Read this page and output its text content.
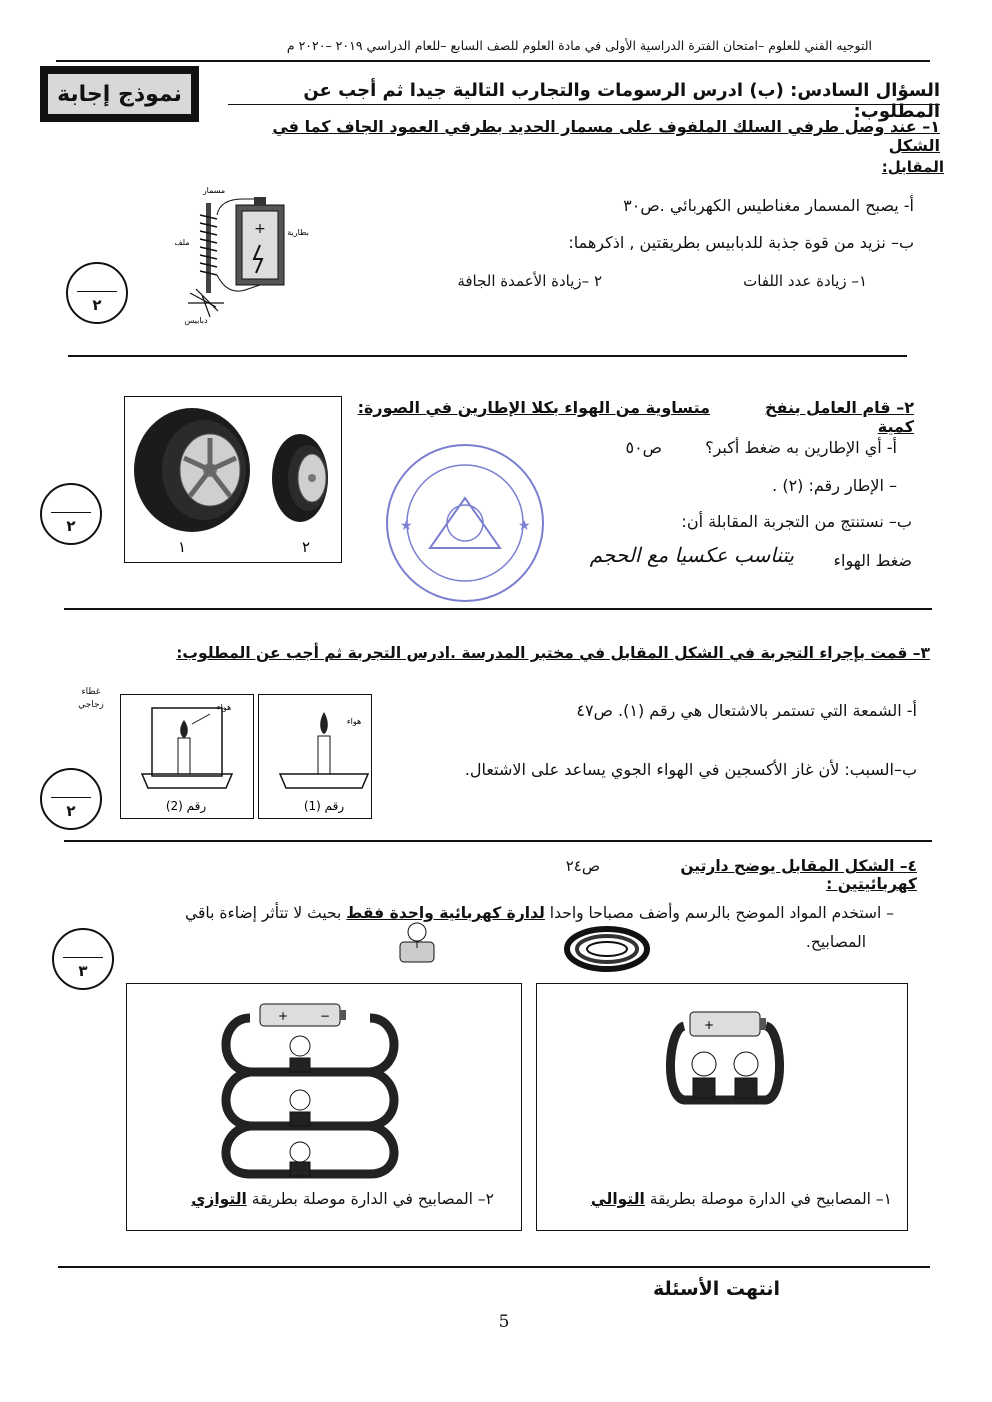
التوجيه الفني للعلوم –امتحان الفترة الدراسية الأولى في مادة العلوم للصف السابع –للعام الدراسي ٢٠١٩ –٢٠٢٠ م
نموذج إجابة	السؤال السادس: (ب) ادرس الرسومات والتجارب التالية جيدا ثم أجب عن المطلوب:
١– عند وصل طرفي السلك الملفوف على مسمار الحديد بطرفي العمود الجاف كما في الشكل
المقابل:
أ- يصبح المسمار مغناطيس الكهربائي .ص٣٠
ب– نزيد من قوة جذبة للدبابيس بطريقتين , اذكرهما:
١– زيادة عدد اللفات
٢ –زيادة الأعمدة الجافة
+
مسمار
ملف
بطارية
دبابيس
٢
٢– قام العامل بنفخ كمية
متساوية من الهواء بكلا الإطارين في الصورة:
أ- أي الإطارين به ضغط أكبر؟
ص٥٠
– الإطار رقم: (٢) .
ب– نستنتج من التجربة المقابلة أن:
ضغط الهواء
يتناسب عكسيا مع الحجم
١	٢
★	★
٢
٣– قمت بإجراء التجربة في الشكل المقابل في مختبر المدرسة .ادرس التجربة ثم أجب عن المطلوب:
أ- الشمعة التي تستمر بالاشتعال هي رقم (١). ص٤٧
ب–السبب: لأن غاز الأكسجين في الهواء الجوي يساعد على الاشتعال.
هواء
هواء
رقم (2)	رقم (1)
غطاء زجاجي
٢
٤– الشكل المقابل يوضح دارتين كهربائيتين :
ص٢٤
– استخدم المواد الموضح بالرسم وأضف مصباحا واحدا لدارة كهربائية واحدة فقط بحيث لا تتأثر إضاءة باقي
المصابيح.
٣
+	−
٢– المصابيح في الدارة موصلة بطريقة التوازي
+
١– المصابيح في الدارة موصلة بطريقة التوالي
انتهت الأسئلة
5
